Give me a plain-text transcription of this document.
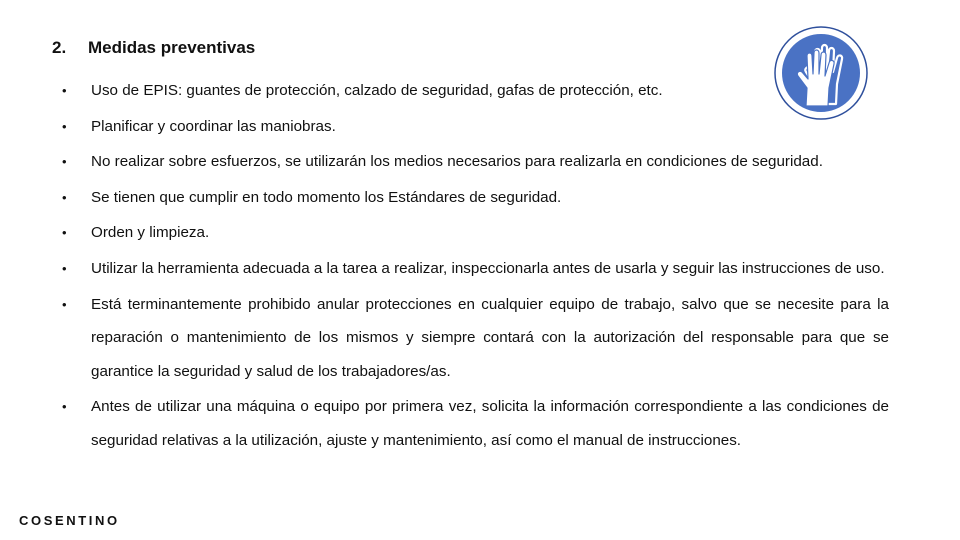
2. Medidas preventivas
• Uso de EPIS: guantes de protección, calzado de seguridad, gafas de protección, etc.
• Planificar y coordinar las maniobras.
• No realizar sobre esfuerzos, se utilizarán los medios necesarios para realizarla en condiciones de seguridad.
• Se tienen que cumplir en todo momento los Estándares de seguridad.
• Orden y limpieza.
• Utilizar la herramienta adecuada a la tarea a realizar, inspeccionarla antes de usarla y seguir las instrucciones de uso.
• Está terminantemente prohibido anular protecciones en cualquier equipo de trabajo, salvo que se necesite para la reparación o mantenimiento de los mismos y siempre contará con la autorización del responsable para que se garantice la seguridad y salud de los trabajadores/as.
• Antes de utilizar una máquina o equipo por primera vez, solicita la información correspondiente a las condiciones de seguridad relativas a la utilización, ajuste y mantenimiento, así como el manual de instrucciones.
COSENTINO
